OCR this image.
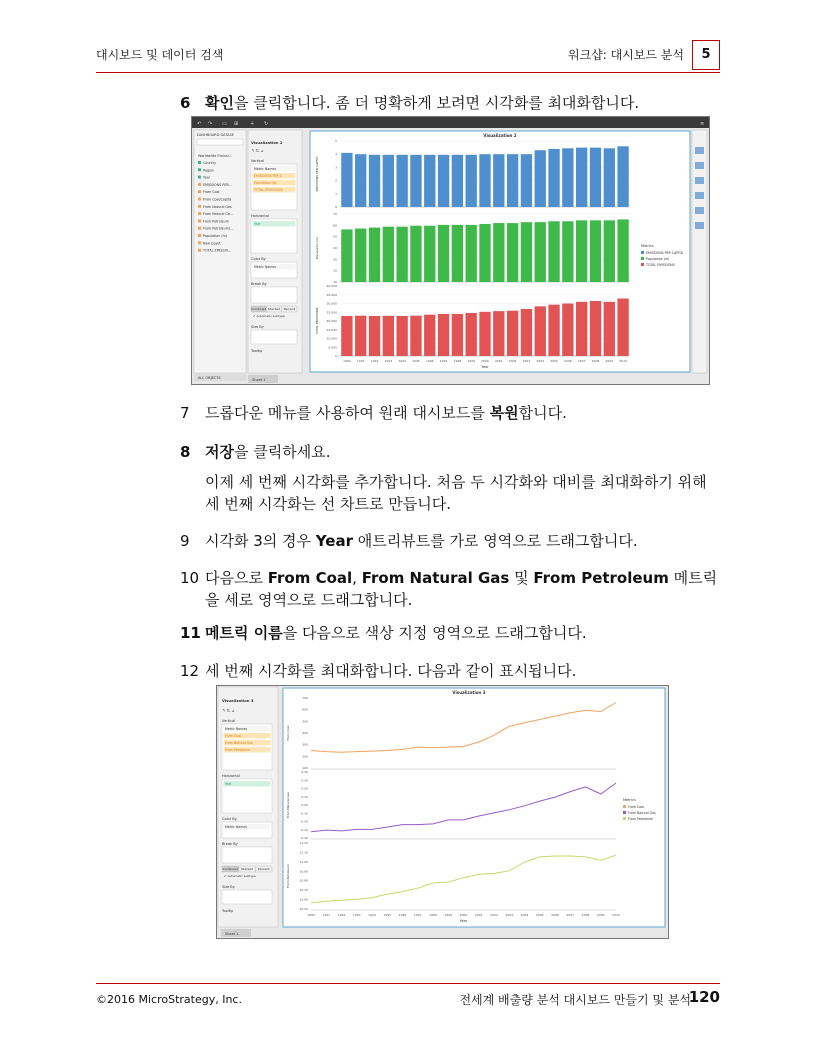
대시보드 및 데이터 검색	워크샵: 대시보드 분석	5
6 확인을 클릭합니다. 좀 더 명확하게 보려면 시각화를 최대화합니다.
↶ ↷ ▭ ⊞ + ↻	≡
DASHBOARD DATASE
Worldwide Emissi...
Country
Region
Year
EMISSIONS PER...
From Coal
From Coal/Capita
From Natural Gas
From Natural Ga...
From Petroleum
From Petroleum/...
Population (m)
Raw Coal/t
TOTAL EMISSIO...
ALL OBJECTS
Visualization 2
↰ ⇅ ⊿
Vertical
Metric Names
EMISSIONS PER C
Population (m)
TOTAL EMISSIONS
Horizontal
Year
Color By
Metric Names
Break By
Combined Stacked Percent
✔ Automatic subtype
Size By
Tooltip
Sheet 1
Visualization 2
EMISSIONS PER CAPITA
5
4
3
2
1
0
Population (m)
70
60
50
40
30
20
10
TOTAL EMISSIONS
40,000
35,000
30,000
25,000
20,000
15,000
10,000
5,000
0
1990 1991 1992 1993 1994 1995 1996 1997 1998 1999 2000 2001 2002 2003 2004 2005 2006 2007 2008 2009 2010
Year
Metrics
EMISSIONS PER CAPITA
Population (m)
TOTAL EMISSIONS
7 드롭다운 메뉴를 사용하여 원래 대시보드를 복원합니다.
8 저장을 클릭하세요.
이제 세 번째 시각화를 추가합니다. 처음 두 시각화와 대비를 최대화하기 위해 세 번째 시각화는 선 차트로 만듭니다.
9 시각화 3의 경우 Year 애트리뷰트를 가로 영역으로 드래그합니다.
10 다음으로 From Coal, From Natural Gas 및 From Petroleum 메트릭을 세로 영역으로 드래그합니다.
11 메트릭 이름을 다음으로 색상 지정 영역으로 드래그합니다.
12 세 번째 시각화를 최대화합니다. 다음과 같이 표시됩니다.
Visualization 3
↰ ⇅ ⊿
Vertical
Metric Names
From Coal
From Natural Gas
From Petroleum
Horizontal
Year
Color By
Metric Names
Break By
Combined Stacked Percent
✔ Automatic subtype
Size By
Tooltip
Sheet 1
Visualization 3
From Coal
700
600
500
400
300
200
100
From Natural Gas
0.40
0.30
0.20
0.10
0.00
-0.10
-0.20
-0.30
-0.40
From Petroleum
11.20
11.10
11.00
10.90
10.80
10.70
10.60
10.50
1990	1991	1992	1993	1994	1995	1996	1997	1998	1999	2000	2001	2002	2003	2004	2005	2006	2007	2008	2009	2010
Year
Metrics
From Coal
From Natural Gas
From Petroleum
©2016 MicroStrategy, Inc.	전세계 배출량 분석 대시보드 만들기 및 분석
120
